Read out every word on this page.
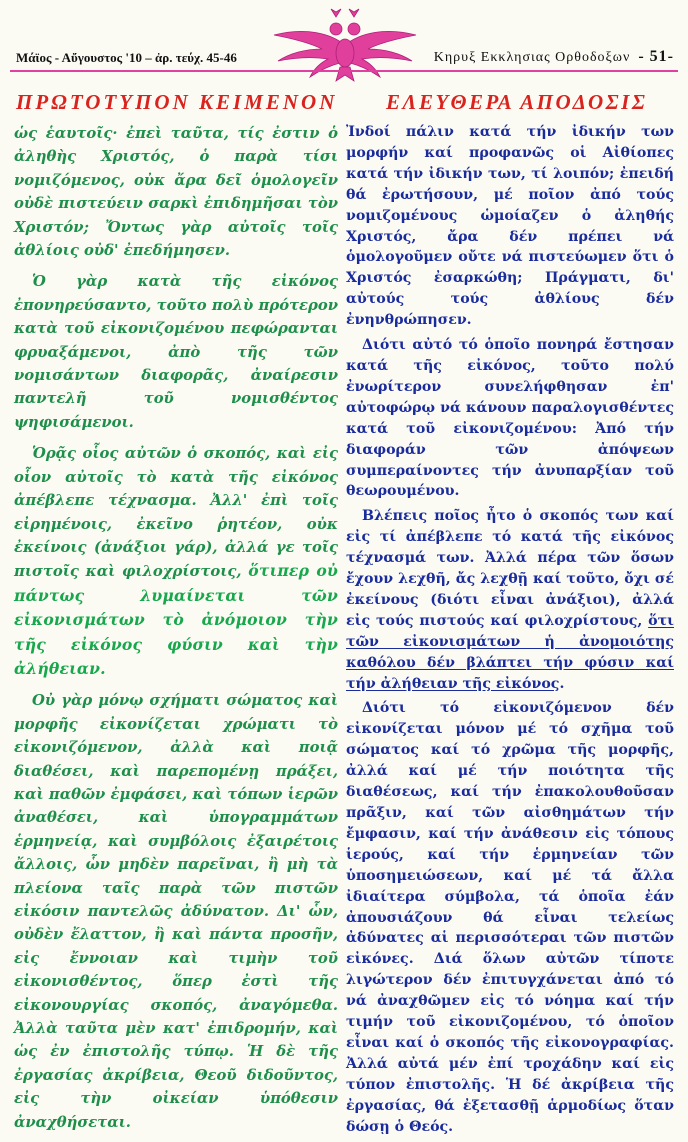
Μάϊος - Αὔγουστος '10 – ἀρ. τεύχ. 45-46	Κηρυξ Εκκλησιας Ορθοδοξων - 51-
ΠΡΩΤΟΤΥΠΟΝ ΚΕΙΜΕΝΟΝ ΕΛΕΥΘΕΡΑ ΑΠΟΔΟΣΙΣ

ὡς ἑαυτοῖς· ἐπεὶ ταῦτα, τίς ἐστιν ὁ ἀληθὴς Χριστός, ὁ παρὰ τίσι νομιζόμενος, οὐκ ἄρα δεῖ ὁμολογεῖν οὐδὲ πιστεύειν σαρκὶ ἐπιδημῆσαι τὸν Χριστόν; Ὄντως γὰρ αὐτοῖς τοῖς ἀθλίοις οὐδ' ἐπεδήμησεν.

Ὁ γὰρ κατὰ τῆς εἰκόνος ἐπονηρεύσαντο, τοῦτο πολὺ πρότερον κατὰ τοῦ εἰκονιζομένου πεφώρανται φρυαξάμενοι, ἀπὸ τῆς τῶν νομισάντων διαφορᾶς, ἀναίρεσιν παντελῆ τοῦ νομισθέντος ψηφισάμενοι.

Ὁρᾷς οἷος αὐτῶν ὁ σκοπός, καὶ εἰς οἷον αὐτοῖς τὸ κατὰ τῆς εἰκόνος ἀπέβλεπε τέχνασμα. Ἀλλ' ἐπὶ τοῖς εἰρημένοις, ἐκεῖνο ῥητέον, οὐκ ἐκείνοις (ἀνάξιοι γάρ), ἀλλά γε τοῖς πιστοῖς καὶ φιλοχρίστοις, ὅτιπερ οὐ πάντως λυμαίνεται τῶν εἰκονισμάτων τὸ ἀνόμοιον τὴν τῆς εἰκόνος φύσιν καὶ τὴν ἀλήθειαν.

Οὐ γὰρ μόνῳ σχήματι σώματος καὶ μορφῆς εἰκονίζεται χρώματι τὸ εἰκονιζόμενον, ἀλλὰ καὶ ποιᾷ διαθέσει, καὶ παρεπομένῃ πράξει, καὶ παθῶν ἐμφάσει, καὶ τόπων ἱερῶν ἀναθέσει, καὶ ὑπογραμμάτων ἑρμηνείᾳ, καὶ συμβόλοις ἐξαιρέτοις ἄλλοις, ὧν μηδὲν παρεῖναι, ἢ μὴ τὰ πλείονα ταῖς παρὰ τῶν πιστῶν εἰκόσιν παντελῶς ἀδύνατον. Δι' ὧν, οὐδὲν ἔλαττον, ἢ καὶ πάντα προσῆν, εἰς ἔννοιαν καὶ τιμὴν τοῦ εἰκονισθέντος, ὅπερ ἐστὶ τῆς εἰκονουργίας σκοπός, ἀναγόμεθα. Ἀλλὰ ταῦτα μὲν κατ' ἐπιδρομήν, καὶ ὡς ἐν ἐπιστολῆς τύπῳ. Ἡ δὲ τῆς ἐργασίας ἀκρίβεια, Θεοῦ διδοῦντος, εἰς τὴν οἰκείαν ὑπόθεσιν ἀναχθήσεται.

Ἰνδοί πάλιν κατά τήν ἰδικήν των μορφήν καί προφανῶς οἱ Αἰθίοπες κατά τήν ἰδικήν των, τί λοιπόν; ἐπειδή θά ἐρωτήσουν, μέ ποῖον ἀπό τούς νομιζομένους ὡμοίαζεν ὁ ἀληθής Χριστός, ἄρα δέν πρέπει νά ὁμολογοῦμεν οὔτε νά πιστεύωμεν ὅτι ὁ Χριστός ἐσαρκώθη; Πράγματι, δι' αὐτούς τούς ἀθλίους δέν ἐνηνθρώπησεν.

Διότι αὐτό τό ὁποῖο πονηρά ἔστησαν κατά τῆς εἰκόνος, τοῦτο πολύ ἐνωρίτερον συνελήφθησαν ἐπ' αὐτοφώρῳ νά κάνουν παραλογισθέντες κατά τοῦ εἰκονιζομένου: Ἀπό τήν διαφοράν τῶν ἀπόψεων συμπεραίνοντες τήν ἀνυπαρξίαν τοῦ θεωρουμένου.

Βλέπεις ποῖος ἦτο ὁ σκοπός των καί εἰς τί ἀπέβλεπε τό κατά τῆς εἰκόνος τέχνασμά των. Ἀλλά πέρα τῶν ὅσων ἔχουν λεχθῆ, ἄς λεχθῇ καί τοῦτο, ὄχι σέ ἐκείνους (διότι εἶναι ἀνάξιοι), ἀλλά εἰς τούς πιστούς καί φιλοχρίστους, ὅτι τῶν εἰκονισμάτων ἡ ἀνομοιότης καθόλου δέν βλάπτει τήν φύσιν καί τήν ἀλήθειαν τῆς εἰκόνος.

Διότι τό εἰκονιζόμενον δέν εἰκονίζεται μόνον μέ τό σχῆμα τοῦ σώματος καί τό χρῶμα τῆς μορφῆς, ἀλλά καί μέ τήν ποιότητα τῆς διαθέσεως, καί τήν ἐπακολουθοῦσαν πρᾶξιν, καί τῶν αἰσθημάτων τήν ἔμφασιν, καί τήν ἀνάθεσιν εἰς τόπους ἱερούς, καί τήν ἑρμηνείαν τῶν ὑποσημειώσεων, καί μέ τά ἄλλα ἰδιαίτερα σύμβολα, τά ὁποῖα ἐάν ἀπουσιάζουν θά εἶναι τελείως ἀδύνατες αἱ περισσότεραι τῶν πιστῶν εἰκόνες. Διά ὅλων αὐτῶν τίποτε λιγώτερον δέν ἐπιτυγχάνεται ἀπό τό νά ἀναχθῶμεν εἰς τό νόημα καί τήν τιμήν τοῦ εἰκονιζομένου, τό ὁποῖον εἶναι καί ὁ σκοπός τῆς εἰκονογραφίας. Ἀλλά αὐτά μέν ἐπί τροχάδην καί εἰς τύπον ἐπιστολῆς. Ἡ δέ ἀκρίβεια τῆς ἐργασίας, θά ἐξετασθῇ ἁρμοδίως ὅταν δώσῃ ὁ Θεός.
